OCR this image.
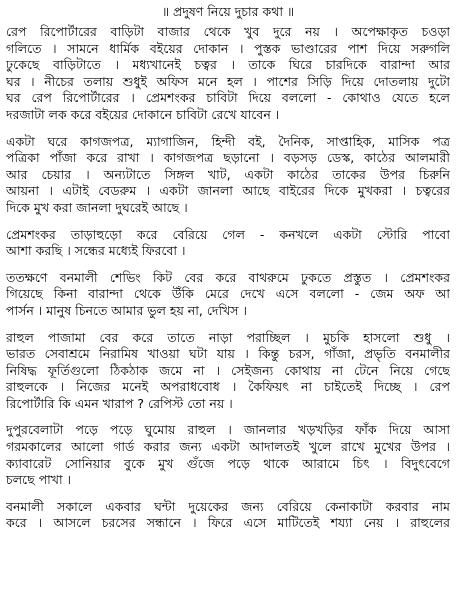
॥ প্রদুষণ নিয়ে দুচার কথা ॥
রেপ রিপোর্টারের বাড়িটা বাজার থেকে খুব দুরে নয় । অপেক্ষাকৃত চওড়া
গলিতে । সামনে ধার্মিক বইয়ের দোকান । পুস্তক ভাণ্ডারের পাশ দিয়ে সরুগলি
ঢুকেছে বাড়িটাতে । মধ্যখানেই চত্বর । তাকে ঘিরে চারদিকে বারান্দা আর
ঘর । নীচের তলায় শুধুই অফিস মনে হল । পাশের সিড়ি দিয়ে দোতলায় দুটো
ঘর রেপ রিপোর্টারের । প্রেমশংকর চাবিটা দিয়ে বললো - কোথাও যেতে হলে
দরজাটা লক করে বইয়ের দোকানে চাবিটা রেখে যাবেন ।
একটা ঘরে কাগজপত্র, ম্যাগাজিন, হিন্দী বই, দৈনিক, সাপ্তাহিক, মাসিক পত্র
পত্রিকা পাঁজা করে রাখা । কাগজপত্র ছড়ানো । বড়সড় ডেস্ক, কাঠের আলমারী
আর চেয়ার । অন্যটাতে সিঙ্গল খাট, একটা কাঠের তাকের উপর চিরুনি
আয়না । এটাই বেডরুম । একটা জানলা আছে বাইরের দিকে মুখকরা । চত্বরের
দিকে মুখ করা জানলা দুঘরেই আছে ।
প্রেমশংকর তাড়াহুড়ো করে বেরিয়ে গেল - কনখলে একটা স্টোরি পাবো
আশা করছি । সন্ধের মধ্যেই ফিরবো ।
ততক্ষণে বনমালী শেভিং কিট বের করে বাথরুমে ঢুকতে প্রস্তুত । প্রেমশংকর
গিয়েছে কিনা বারান্দা থেকে উঁকি মেরে দেখে এসে বললো - জেম অফ আ
পার্সন । মানুষ চিনতে আমার ভুল হয় না, দেখিস ।
রাহুল পাজামা বের করে তাতে নাড়া পরাচ্ছিল । মুচকি হাসলো শুধু ।
ভারত সেবাশ্রমে নিরামিষ খাওয়া ঘটা যায় । কিন্তু চরস, গাঁজা, প্রভৃতি বনমালীর
নিষিদ্ধ ফূর্তিগুলো ঠিকঠাক জমে না । সেইজন্য কোথায় না টেনে নিয়ে গেছে
রাহুলকে । নিজের মনেই অপরাধবোধ । কৈফিয়ৎ না চাইতেই দিচ্ছে । রেপ
রিপোর্টারি কি এমন খারাপ ? রেপিস্ট তো নয় ।
দুপুরবেলাটা পড়ে পড়ে ঘুমোয় রাহুল । জানলার খড়খড়ির ফাঁক দিয়ে আসা
গরমকালের আলো গার্ড করার জন্য একটা আদালতই খুলে রাখে মুখের উপর ।
ক্যাবারেট সোনিয়ার বুকে মুখ গুঁজে পড়ে থাকে আরামে চিৎ । বিদুৎবেগে
চলছে পাখা ।
বনমালী সকালে একবার ঘন্টা দুয়েকের জন্য বেরিয়ে কেনাকাটা করবার নাম
করে । আসলে চরসের সন্ধানে । ফিরে এসে মাটিতেই শয্যা নেয় । রাহুলের
